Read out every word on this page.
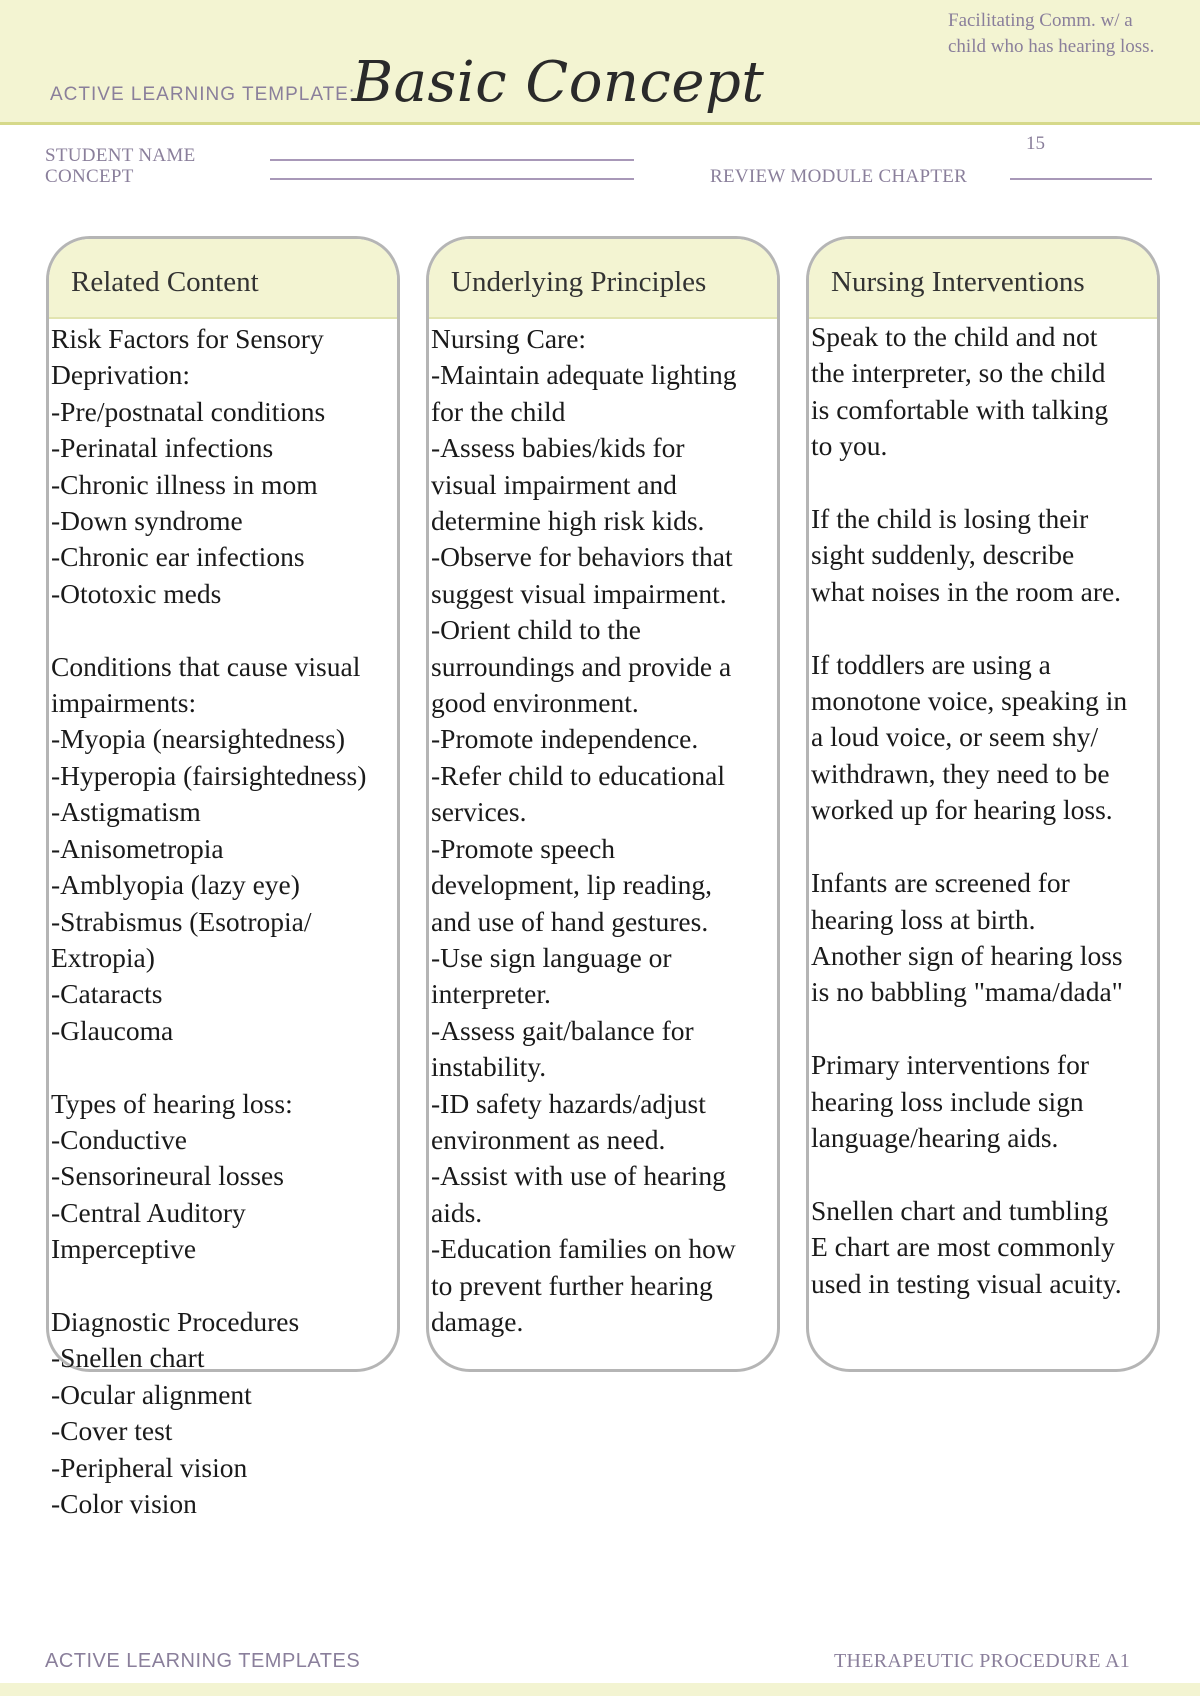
ACTIVE LEARNING TEMPLATE:
Basic Concept
Facilitating Comm. w/ a child who has hearing loss.
STUDENT NAME
CONCEPT
15
REVIEW MODULE CHAPTER
Related Content
Risk Factors for Sensory
Deprivation:
-Pre/postnatal conditions
-Perinatal infections
-Chronic illness in mom
-Down syndrome
-Chronic ear infections
-Ototoxic meds

Conditions that cause visual
impairments:
-Myopia (nearsightedness)
-Hyperopia (fairsightedness)
-Astigmatism
-Anisometropia
-Amblyopia (lazy eye)
-Strabismus (Esotropia/
Extropia)
-Cataracts
-Glaucoma

Types of hearing loss:
-Conductive
-Sensorineural losses
-Central Auditory
Imperceptive

Diagnostic Procedures
-Snellen chart
-Ocular alignment
-Cover test
-Peripheral vision
-Color vision
Underlying Principles
Nursing Care:
-Maintain adequate lighting
for the child
-Assess babies/kids for
visual impairment and
determine high risk kids.
-Observe for behaviors that
suggest visual impairment.
-Orient child to the
surroundings and provide a
good environment.
-Promote independence.
-Refer child to educational
services.
-Promote speech
development, lip reading,
and use of hand gestures.
-Use sign language or
interpreter.
-Assess gait/balance for
instability.
-ID safety hazards/adjust
environment as need.
-Assist with use of hearing
aids.
-Education families on how
to prevent further hearing
damage.
Nursing Interventions
Speak to the child and not
the interpreter, so the child
is comfortable with talking
to you.

If the child is losing their
sight suddenly, describe
what noises in the room are.

If toddlers are using a
monotone voice, speaking in
a loud voice, or seem shy/
withdrawn, they need to be
worked up for hearing loss.

Infants are screened for
hearing loss at birth.
Another sign of hearing loss
is no babbling "mama/dada"

Primary interventions for
hearing loss include sign
language/hearing aids.

Snellen chart and tumbling
E chart are most commonly
used in testing visual acuity.
ACTIVE LEARNING TEMPLATES	THERAPEUTIC PROCEDURE A1
